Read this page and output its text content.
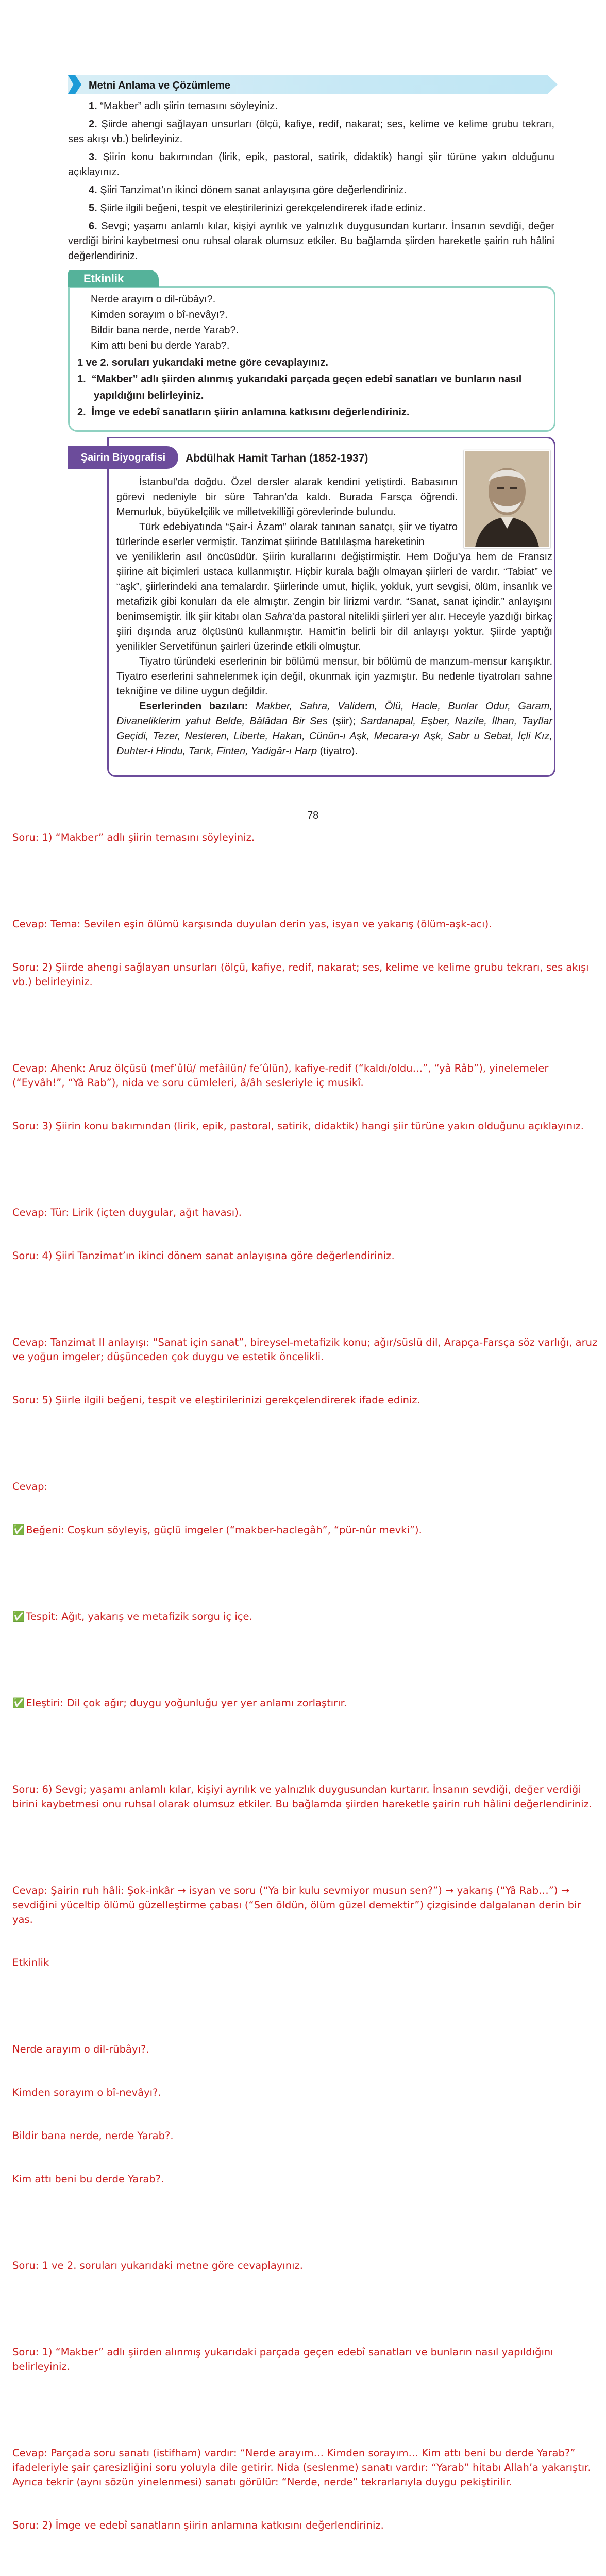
Metni Anlama ve Çözümleme

1. “Makber” adlı şiirin temasını söyleyiniz.

2. Şiirde ahengi sağlayan unsurları (ölçü, kafiye, redif, nakarat; ses, kelime ve kelime grubu tekrarı, ses akışı vb.) belirleyiniz.

3. Şiirin konu bakımından (lirik, epik, pastoral, satirik, didaktik) hangi şiir türüne yakın olduğunu açıklayınız.

4. Şiiri Tanzimat’ın ikinci dönem sanat anlayışına göre değerlendiriniz.

5. Şiirle ilgili beğeni, tespit ve eleştirilerinizi gerekçelendirerek ifade ediniz.

6. Sevgi; yaşamı anlamlı kılar, kişiyi ayrılık ve yalnızlık duygusundan kurtarır. İnsanın sevdiği, değer verdiği birini kaybetmesi onu ruhsal olarak olumsuz etkiler. Bu bağlamda şiirden hareketle şairin ruh hâlini değerlendiriniz.

Etkinlik
Nerde arayım o dil-rübâyı?.
Kimden sorayım o bî-nevâyı?.
Bildir bana nerde, nerde Yarab?.
Kim attı beni bu derde Yarab?.
1 ve 2. soruları yukarıdaki metne göre cevaplayınız.
1. “Makber” adlı şiirden alınmış yukarıdaki parçada geçen edebî sanatları ve bunların nasıl
yapıldığını belirleyiniz.
2. İmge ve edebî sanatların şiirin anlamına katkısını değerlendiriniz.
Şairin Biyografisi	Abdülhak Hamit Tarhan (1852-1937)

İstanbul’da doğdu. Özel dersler alarak kendini yetiştirdi. Babasının görevi nedeniyle bir süre Tahran’da kaldı. Burada Farsça öğrendi. Memurluk, büyükelçilik ve milletvekilliği görevlerinde bulundu.

Türk edebiyatında “Şair-i Âzam” olarak tanınan sanatçı, şiir ve tiyatro türlerinde eserler vermiştir. Tanzimat şiirinde Batılılaşma hareketinin

ve yeniliklerin asıl öncüsüdür. Şiirin kurallarını değiştirmiştir. Hem Doğu’ya hem de Fransız şiirine ait biçimleri ustaca kullanmıştır. Hiçbir kurala bağlı olmayan şiirleri de vardır. “Tabiat” ve “aşk”, şiirlerindeki ana temalardır. Şiirlerinde umut, hiçlik, yokluk, yurt sevgisi, ölüm, insanlık ve metafizik gibi konuları da ele almıştır. Zengin bir lirizmi vardır. “Sanat, sanat içindir.” anlayışını benimsemiştir. İlk şiir kitabı olan Sahra’da pastoral nitelikli şiirleri yer alır. Heceyle yazdığı birkaç şiiri dışında aruz ölçüsünü kullanmıştır. Hamit’in belirli bir dil anlayışı yoktur. Şiirde yaptığı yenilikler Servetifünun şairleri üzerinde etkili olmuştur.

Tiyatro türündeki eserlerinin bir bölümü mensur, bir bölümü de manzum-mensur karışıktır. Tiyatro eserlerini sahnelenmek için değil, okunmak için yazmıştır. Bu nedenle tiyatroları sahne tekniğine ve diline uygun değildir.

Eserlerinden bazıları: Makber, Sahra, Validem, Ölü, Hacle, Bunlar Odur, Garam, Divaneliklerim yahut Belde, Bâlâdan Bir Ses (şiir); Sardanapal, Eşber, Nazife, İlhan, Tayflar Geçidi, Tezer, Nesteren, Liberte, Hakan, Cünûn-ı Aşk, Mecara-yı Aşk, Sabr u Sebat, İçli Kız, Duhter-i Hindu, Tarık, Finten, Yadigâr-ı Harp (tiyatro).

78

Soru: 1) “Makber” adlı şiirin temasını söyleyiniz.

Cevap: Tema: Sevilen eşin ölümü karşısında duyulan derin yas, isyan ve yakarış (ölüm-aşk-acı).

Soru: 2) Şiirde ahengi sağlayan unsurları (ölçü, kafiye, redif, nakarat; ses, kelime ve kelime grubu tekrarı, ses akışı vb.) belirleyiniz.

Cevap: Ahenk: Aruz ölçüsü (mef’ûlü/ mefâilün/ fe’ûlün), kafiye-redif (“kaldı/oldu…”, “yâ Râb”), yinelemeler (“Eyvâh!”, “Yâ Rab”), nida ve soru cümleleri, â/âh sesleriyle iç musikî.

Soru: 3) Şiirin konu bakımından (lirik, epik, pastoral, satirik, didaktik) hangi şiir türüne yakın olduğunu açıklayınız.

Cevap: Tür: Lirik (içten duygular, ağıt havası).

Soru: 4) Şiiri Tanzimat’ın ikinci dönem sanat anlayışına göre değerlendiriniz.

Cevap: Tanzimat II anlayışı: “Sanat için sanat”, bireysel-metafizik konu; ağır/süslü dil, Arapça-Farsça söz varlığı, aruz ve yoğun imgeler; düşünceden çok duygu ve estetik öncelikli.

Soru: 5) Şiirle ilgili beğeni, tespit ve eleştirilerinizi gerekçelendirerek ifade ediniz.

Cevap:

✅ Beğeni: Coşkun söyleyiş, güçlü imgeler (“makber-haclegâh”, “pür-nûr mevki”).

✅ Tespit: Ağıt, yakarış ve metafizik sorgu iç içe.

✅ Eleştiri: Dil çok ağır; duygu yoğunluğu yer yer anlamı zorlaştırır.

Soru: 6) Sevgi; yaşamı anlamlı kılar, kişiyi ayrılık ve yalnızlık duygusundan kurtarır. İnsanın sevdiği, değer verdiği birini kaybetmesi onu ruhsal olarak olumsuz etkiler. Bu bağlamda şiirden hareketle şairin ruh hâlini değerlendiriniz.

Cevap: Şairin ruh hâli: Şok-inkâr → isyan ve soru (“Ya bir kulu sevmiyor musun sen?”) → yakarış (“Yâ Rab…”) → sevdiğini yüceltip ölümü güzelleştirme çabası (“Sen öldün, ölüm güzel demektir”) çizgisinde dalgalanan derin bir yas.

Etkinlik

Nerde arayım o dil-rübâyı?.

Kimden sorayım o bî-nevâyı?.

Bildir bana nerde, nerde Yarab?.

Kim attı beni bu derde Yarab?.

Soru: 1 ve 2. soruları yukarıdaki metne göre cevaplayınız.

Soru: 1) “Makber” adlı şiirden alınmış yukarıdaki parçada geçen edebî sanatları ve bunların nasıl yapıldığını belirleyiniz.

Cevap: Parçada soru sanatı (istifham) vardır: “Nerde arayım… Kimden sorayım… Kim attı beni bu derde Yarab?” ifadeleriyle şair çaresizliğini soru yoluyla dile getirir. Nida (seslenme) sanatı vardır: “Yarab” hitabı Allah’a yakarıştır. Ayrıca tekrir (aynı sözün yinelenmesi) sanatı görülür: “Nerde, nerde” tekrarlarıyla duygu pekiştirilir.

Soru: 2) İmge ve edebî sanatların şiirin anlamına katkısını değerlendiriniz.
